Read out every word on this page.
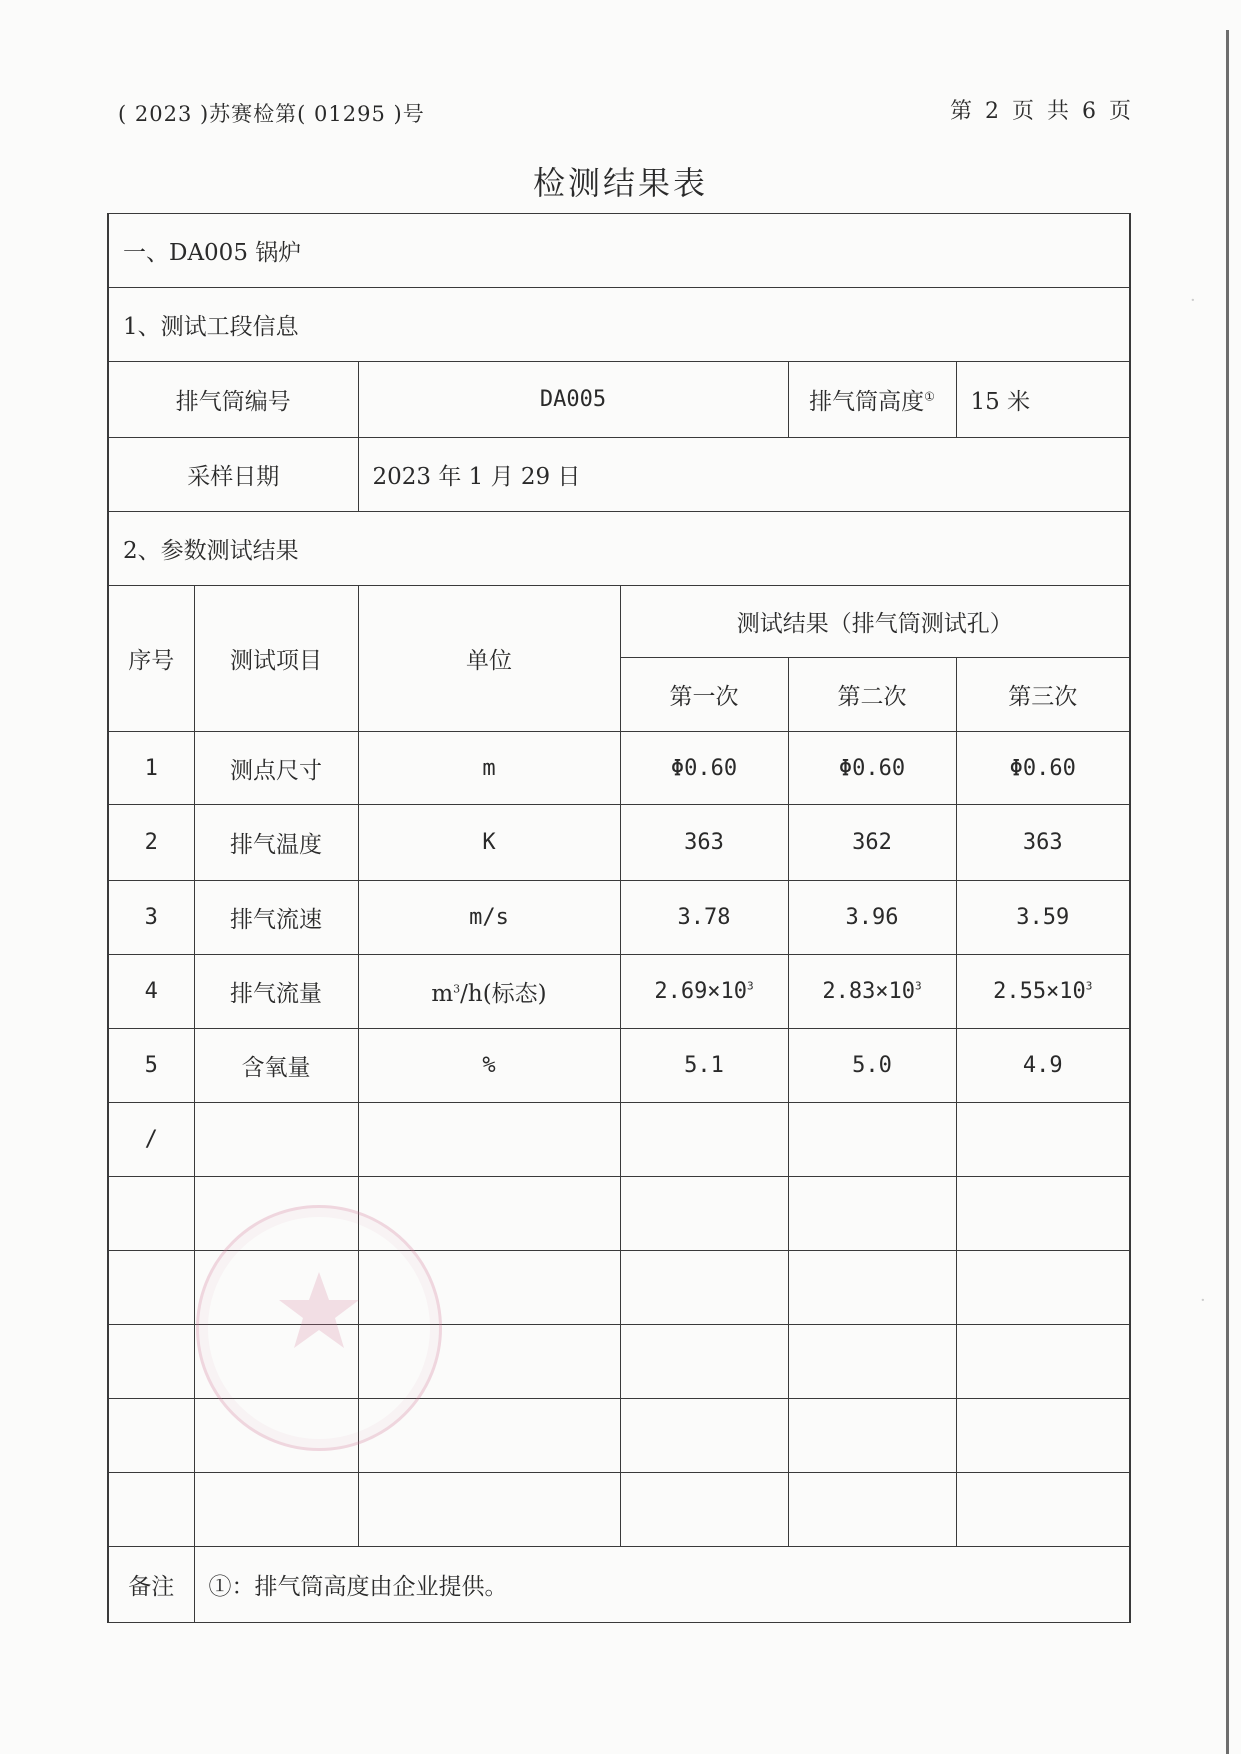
·
·
( 2023 )苏赛检第( 01295 )号	第 2 页 共 6 页
检测结果表
一、DA005 锅炉					
1、测试工段信息					
排气筒编号		DA005		排气筒高度①	15 米
采样日期		2023 年 1 月 29 日			
2、参数测试结果					
序号	测试项目	单位	测试结果（排气筒测试孔）		
			第一次	第二次	第三次
1	测点尺寸	m	Φ0.60	Φ0.60	Φ0.60
2	排气温度	K	363	362	363
3	排气流速	m/s	3.78	3.96	3.59
4	排气流量	$m^3/h$(标态)	$2.69\times 10^3$	$2.83\times 10^3$	$2.55\times 10^3$
5	含氧量	%	5.1	5.0	4.9
/					

备注	①：排气筒高度由企业提供。				
